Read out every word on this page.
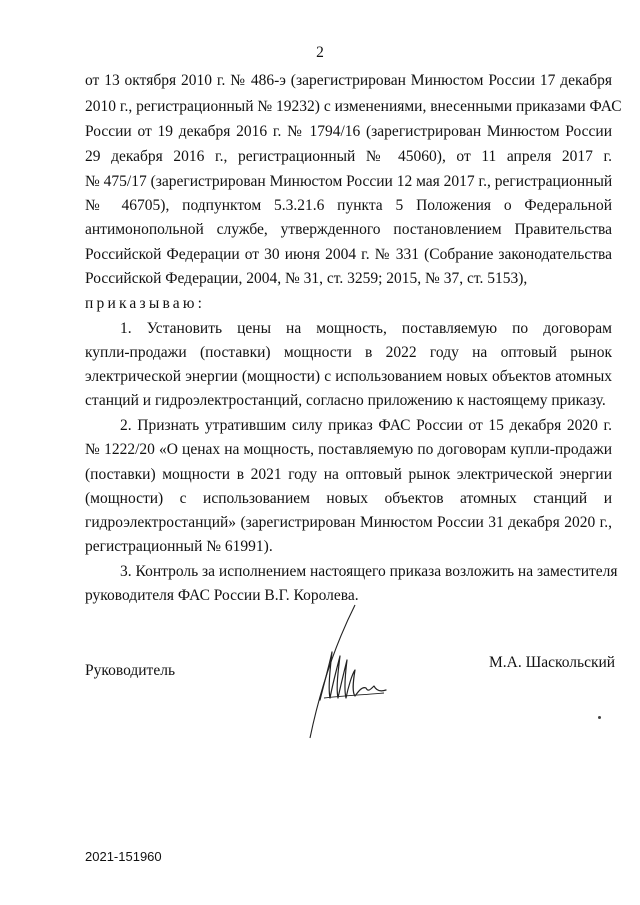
2
от 13 октября 2010 г. № 486-э (зарегистрирован Минюстом России 17 декабря
2010 г., регистрационный № 19232) с изменениями, внесенными приказами ФАС
России от 19 декабря 2016 г. № 1794/16 (зарегистрирован Минюстом России
29 декабря 2016 г., регистрационный № 45060), от 11 апреля 2017 г.
№ 475/17 (зарегистрирован Минюстом России 12 мая 2017 г., регистрационный
№ 46705), подпунктом 5.3.21.6 пункта 5 Положения о Федеральной
антимонопольной службе, утвержденного постановлением Правительства
Российской Федерации от 30 июня 2004 г. № 331 (Собрание законодательства
Российской Федерации, 2004, № 31, ст. 3259; 2015, № 37, ст. 5153),
приказываю:
1. Установить цены на мощность, поставляемую по договорам
купли-продажи (поставки) мощности в 2022 году на оптовый рынок
электрической энергии (мощности) с использованием новых объектов атомных
станций и гидроэлектростанций, согласно приложению к настоящему приказу.
2. Признать утратившим силу приказ ФАС России от 15 декабря 2020 г.
№ 1222/20 «О ценах на мощность, поставляемую по договорам купли-продажи
(поставки) мощности в 2021 году на оптовый рынок электрической энергии
(мощности) с использованием новых объектов атомных станций и
гидроэлектростанций» (зарегистрирован Минюстом России 31 декабря 2020 г.,
регистрационный № 61991).
3. Контроль за исполнением настоящего приказа возложить на заместителя
руководителя ФАС России В.Г. Королева.
Руководитель	М.А. Шаскольский
2021-151960
